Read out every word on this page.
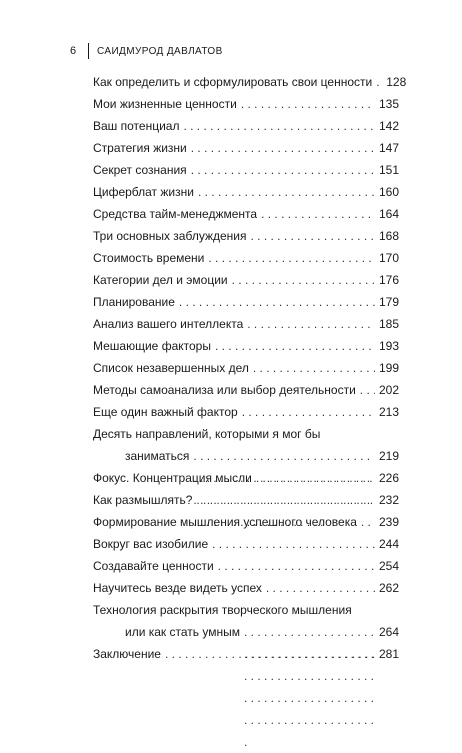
6	САИДМУРОД ДАВЛАТОВ
Как определить и сформулировать свои ценности . . .	128
Мои жизненные ценности . . .	135
Ваш потенциал . . .	142
Стратегия жизни . . .	147
Секрет сознания . . .	151
Циферблат жизни . . .	160
Средства тайм-менеджмента . . .	164
Три основных заблуждения . . .	168
Стоимость времени . . .	170
Категории дел и эмоции . . .	176
Планирование . . .	179
Анализ вашего интеллекта . . .	185
Мешающие факторы . . .	193
Список незавершенных дел . . .	199
Методы самоанализа или выбор деятельности . . .	202
Еще один важный фактор . . .	213
Десять направлений, которыми я мог бы
заниматься . . .	219
Фокус. Концентрация мысли . . .	226
Как размышлять? . . .	232
Формирование мышления успешного человека . . .	239
Вокруг вас изобилие . . .	244
Создавайте ценности . . .	254
Научитесь везде видеть успех . . .	262
Технология раскрытия творческого мышления
или как стать умным . . .	264
Заключение . . .	281
